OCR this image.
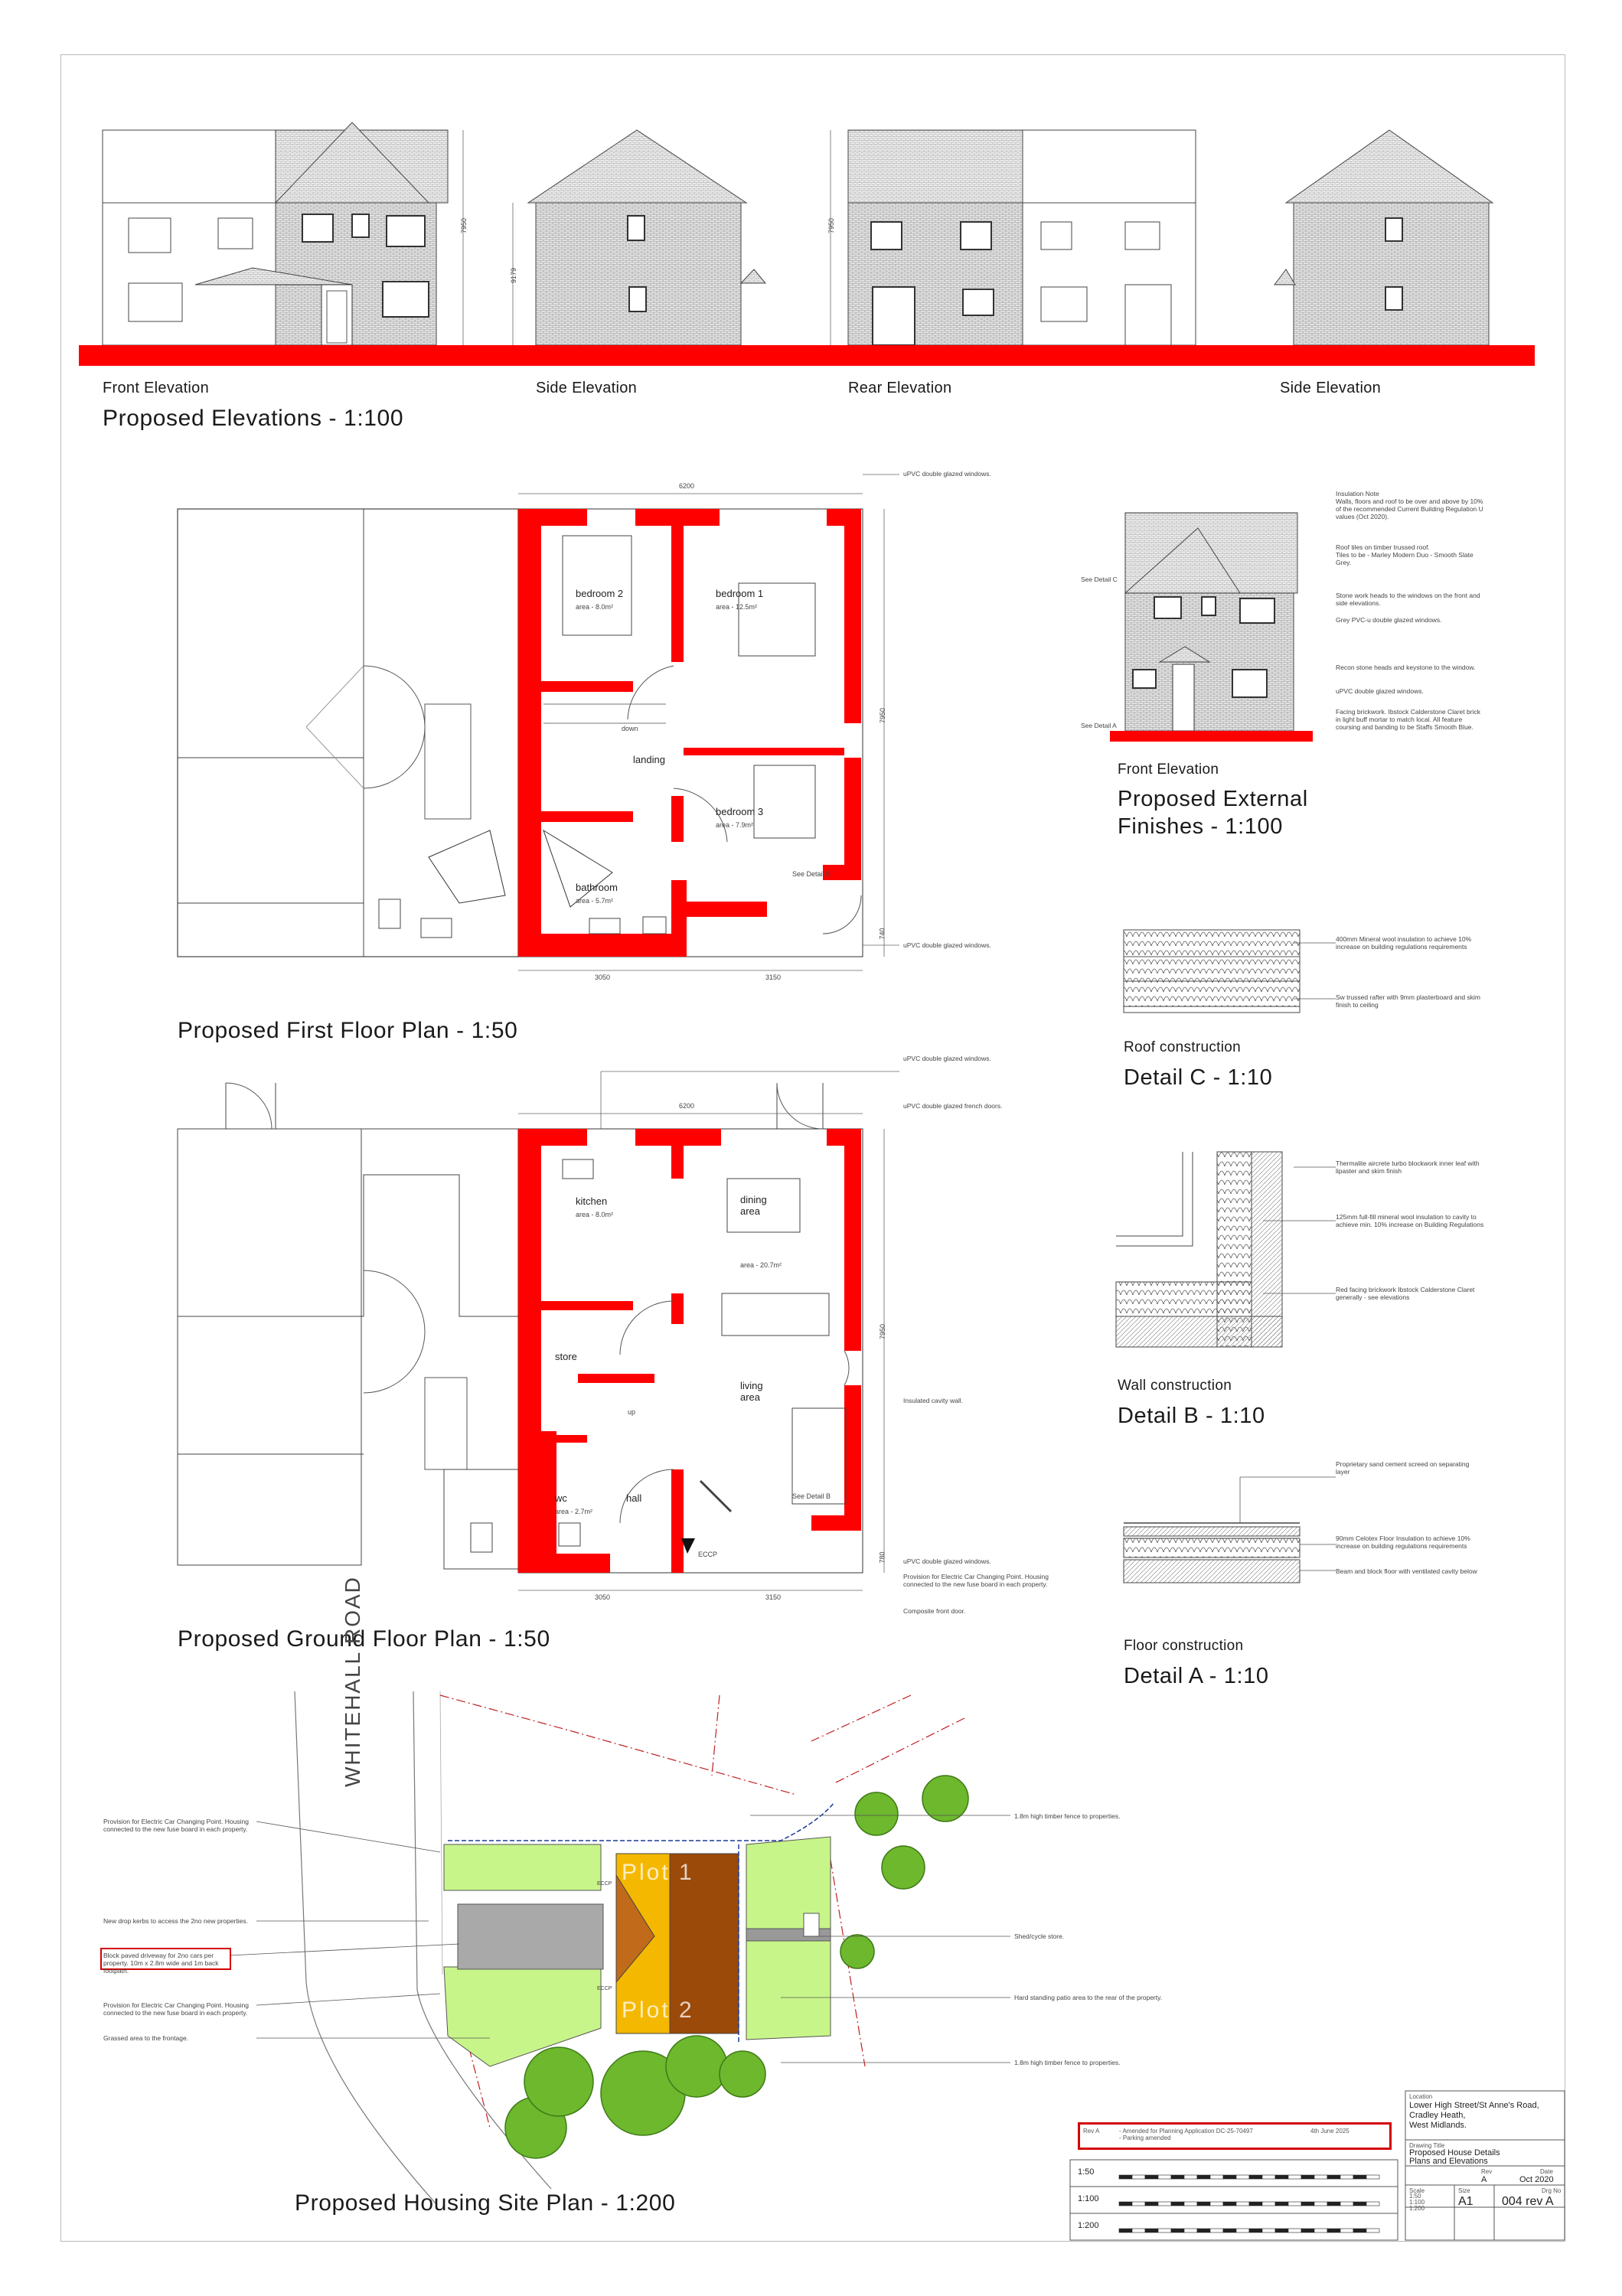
Front Elevation	Side Elevation	Rear Elevation	Side Elevation
Proposed Elevations - 1:100
7950
9179
7950
bedroom 2
area - 8.0m²
bedroom 1
area - 12.5m²
landing
bedroom 3
area - 7.9m²
bathroom
area - 5.7m²
down
See Detail B
6200
3050	3150
7950
740
uPVC double glazed windows.
uPVC double glazed windows.
Proposed First Floor Plan - 1:50
kitchen
area - 8.0m²
dining
area
area - 20.7m²
store
living
area
wc
area - 2.7m²
hall
up
See Detail B
ECCP
6200
3050	3150
7950
780
uPVC double glazed windows.
uPVC double glazed french doors.
Insulated cavity wall.
uPVC double glazed windows.
Provision for Electric Car Changing Point. Housing connected to the new fuse board in each property.
Composite front door.
Proposed Ground Floor Plan - 1:50
See Detail C
See Detail A
Insulation Note
Walls, floors and roof to be over and above by 10% of the recommended Current Building Regulation U values (Oct 2020).
Roof tiles on timber trussed roof.
Tiles to be - Marley Modern Duo - Smooth Slate Grey.
Stone work heads to the windows on the front and side elevations.
Grey PVC-u double glazed windows.
Recon stone heads and keystone to the window.
uPVC double glazed windows.
Facing brickwork. Ibstock Calderstone Claret brick in light buff mortar to match local. All feature coursing and banding to be Staffs Smooth Blue.
Front Elevation
Proposed External
Finishes - 1:100
400mm Mineral wool insulation to achieve 10% increase on building regulations requirements
Sw trussed rafter with 9mm plasterboard and skim finish to ceiling
Roof construction
Detail C - 1:10
Thermalite aircrete turbo blockwork inner leaf with lipaster and skim finish
125mm full-fill mineral wool insulation to cavity to achieve min. 10% increase on Building Regulations
Red facing brickwork Ibstock Calderstone Claret generally - see elevations
Wall construction
Detail B - 1:10
Proprietary sand cement screed on separating layer
90mm Celotex Floor Insulation to achieve 10% increase on building regulations requirements
Beam and block floor with ventilated cavity below
Floor construction
Detail A - 1:10
WHITEHALL ROAD
Plot 1
Plot 2
ECCP
ECCP
Provision for Electric Car Changing Point. Housing connected to the new fuse board in each property.
New drop kerbs to access the 2no new properties.
Block paved driveway for 2no cars per property. 10m x 2.8m wide and 1m back footpath.
Provision for Electric Car Changing Point. Housing connected to the new fuse board in each property.
Grassed area to the frontage.
1.8m high timber fence to properties.
Shed/cycle store.
Hard standing patio area to the rear of the property.
1.8m high timber fence to properties.
Proposed Housing Site Plan - 1:200
Rev A	- Amended for Planning Application DC-25-70497
- Parking amended
4th June 2025
1:50
1:100
1:200
Location
Lower High Street/St Anne's Road,
Cradley Heath,
West Midlands.
Drawing Title
Proposed House Details
Plans and Elevations
Rev
A
Date
Oct 2020
Scale
1:50
1:100
1:200
Size
A1
Drg No
004 rev A
